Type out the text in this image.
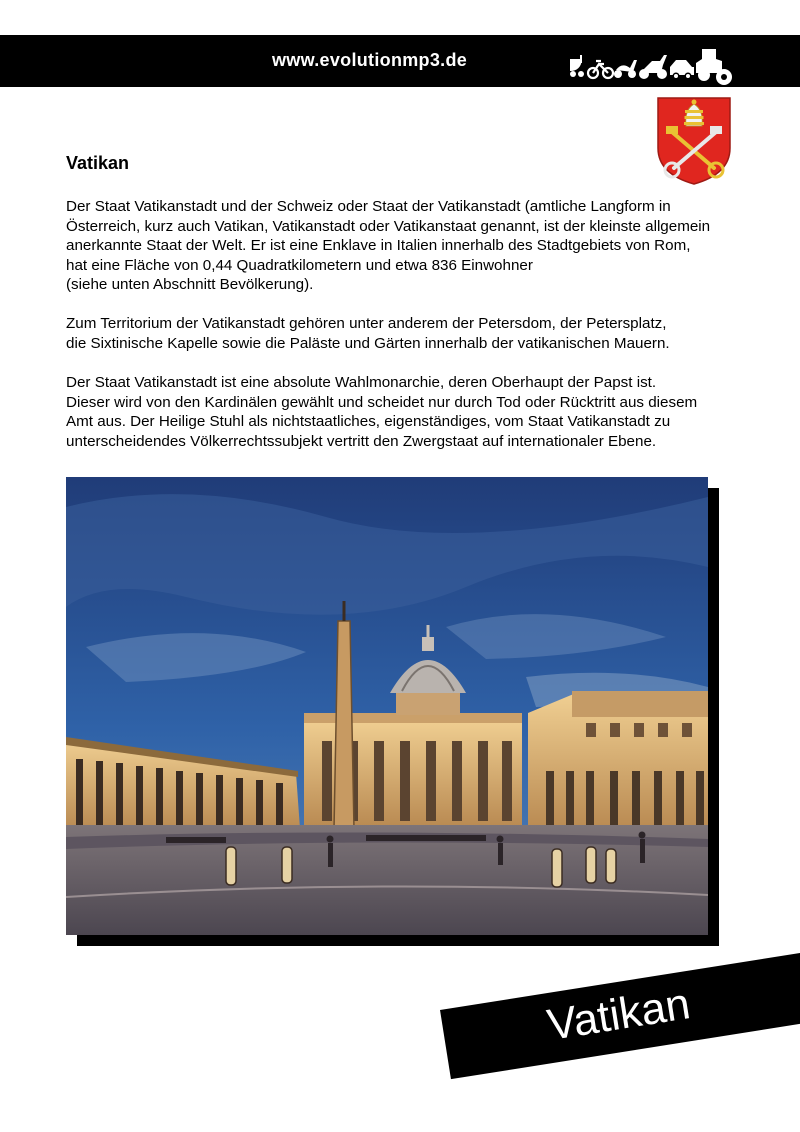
www.evolutionmp3.de
Vatikan

Der Staat Vatikanstadt und der Schweiz oder Staat der Vatikanstadt (amtliche Langform in
Österreich, kurz auch Vatikan, Vatikanstadt oder Vatikanstaat genannt, ist der kleinste allgemein
anerkannte Staat der Welt. Er ist eine Enklave in Italien innerhalb des Stadtgebiets von Rom,
hat eine Fläche von 0,44 Quadratkilometern und etwa 836 Einwohner
(siehe unten Abschnitt Bevölkerung).

Zum Territorium der Vatikanstadt gehören unter anderem der Petersdom, der Petersplatz,
die Sixtinische Kapelle sowie die Paläste und Gärten innerhalb der vatikanischen Mauern.

Der Staat Vatikanstadt ist eine absolute Wahlmonarchie, deren Oberhaupt der Papst ist.
Dieser wird von den Kardinälen gewählt und scheidet nur durch Tod oder Rücktritt aus diesem
Amt aus. Der Heilige Stuhl als nichtstaatliches, eigenständiges, vom Staat Vatikanstadt zu
unterscheidendes Völkerrechtssubjekt vertritt den Zwergstaat auf internationaler Ebene.

Vatikan
